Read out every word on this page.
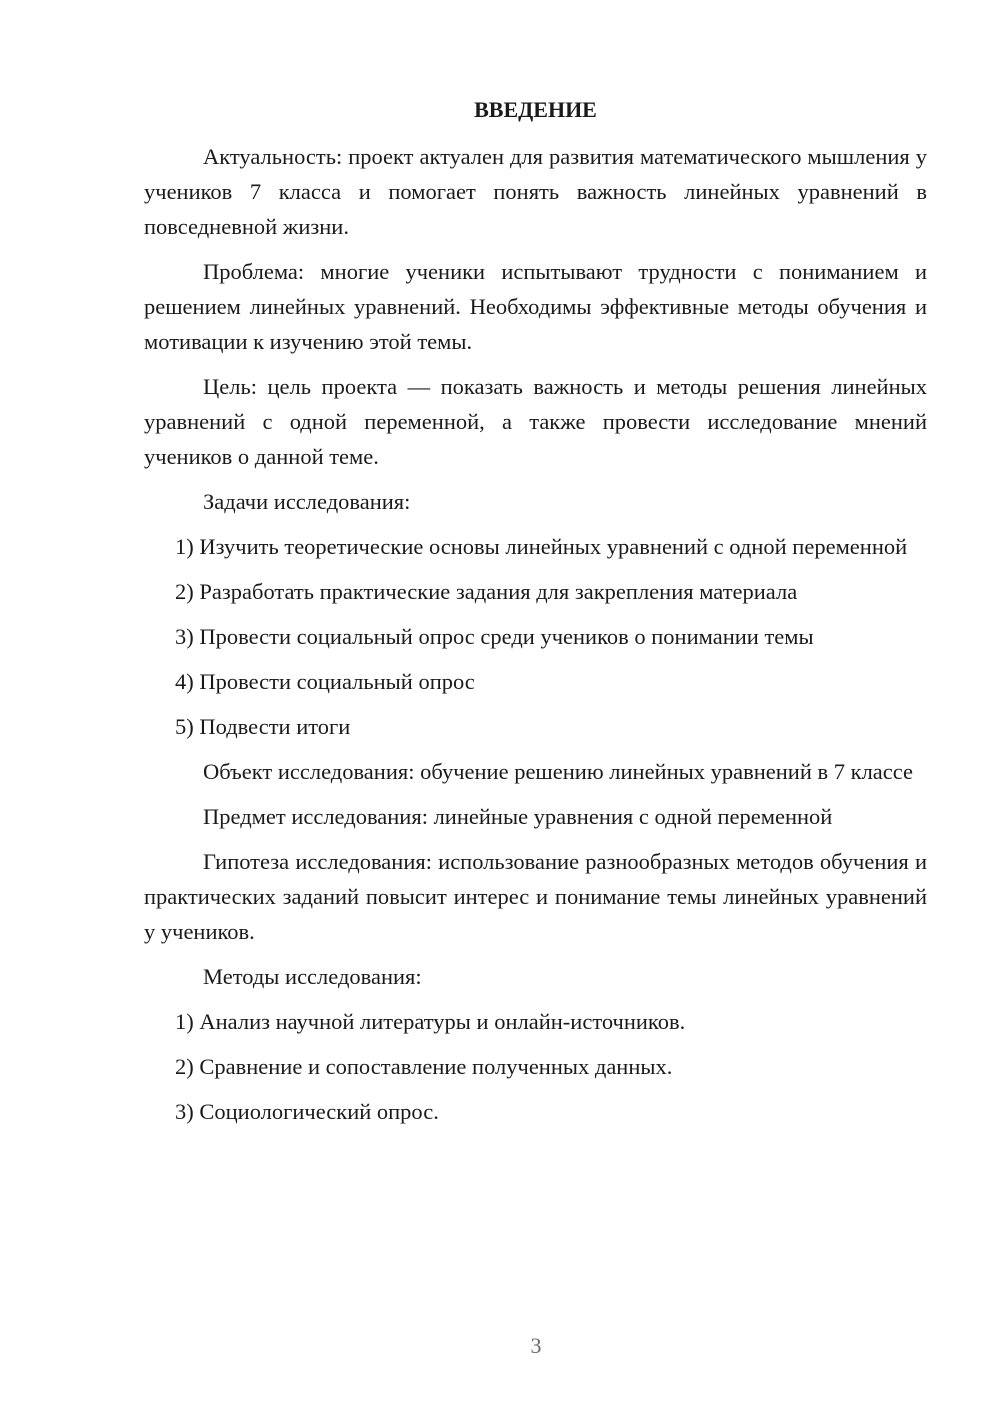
ВВЕДЕНИЕ

Актуальность: проект актуален для развития математического мышления у учеников 7 класса и помогает понять важность линейных уравнений в повседневной жизни.

Проблема: многие ученики испытывают трудности с пониманием и решением линейных уравнений. Необходимы эффективные методы обучения и мотивации к изучению этой темы.

Цель: цель проекта — показать важность и методы решения линейных уравнений с одной переменной, а также провести исследование мнений учеников о данной теме.

Задачи исследования:

1) Изучить теоретические основы линейных уравнений с одной переменной

2) Разработать практические задания для закрепления материала

3) Провести социальный опрос среди учеников о понимании темы

4) Провести социальный опрос

5) Подвести итоги

Объект исследования: обучение решению линейных уравнений в 7 классе

Предмет исследования: линейные уравнения с одной переменной

Гипотеза исследования: использование разнообразных методов обучения и практических заданий повысит интерес и понимание темы линейных уравнений у учеников.

Методы исследования:

1) Анализ научной литературы и онлайн-источников.

2) Сравнение и сопоставление полученных данных.

3) Социологический опрос.

3
